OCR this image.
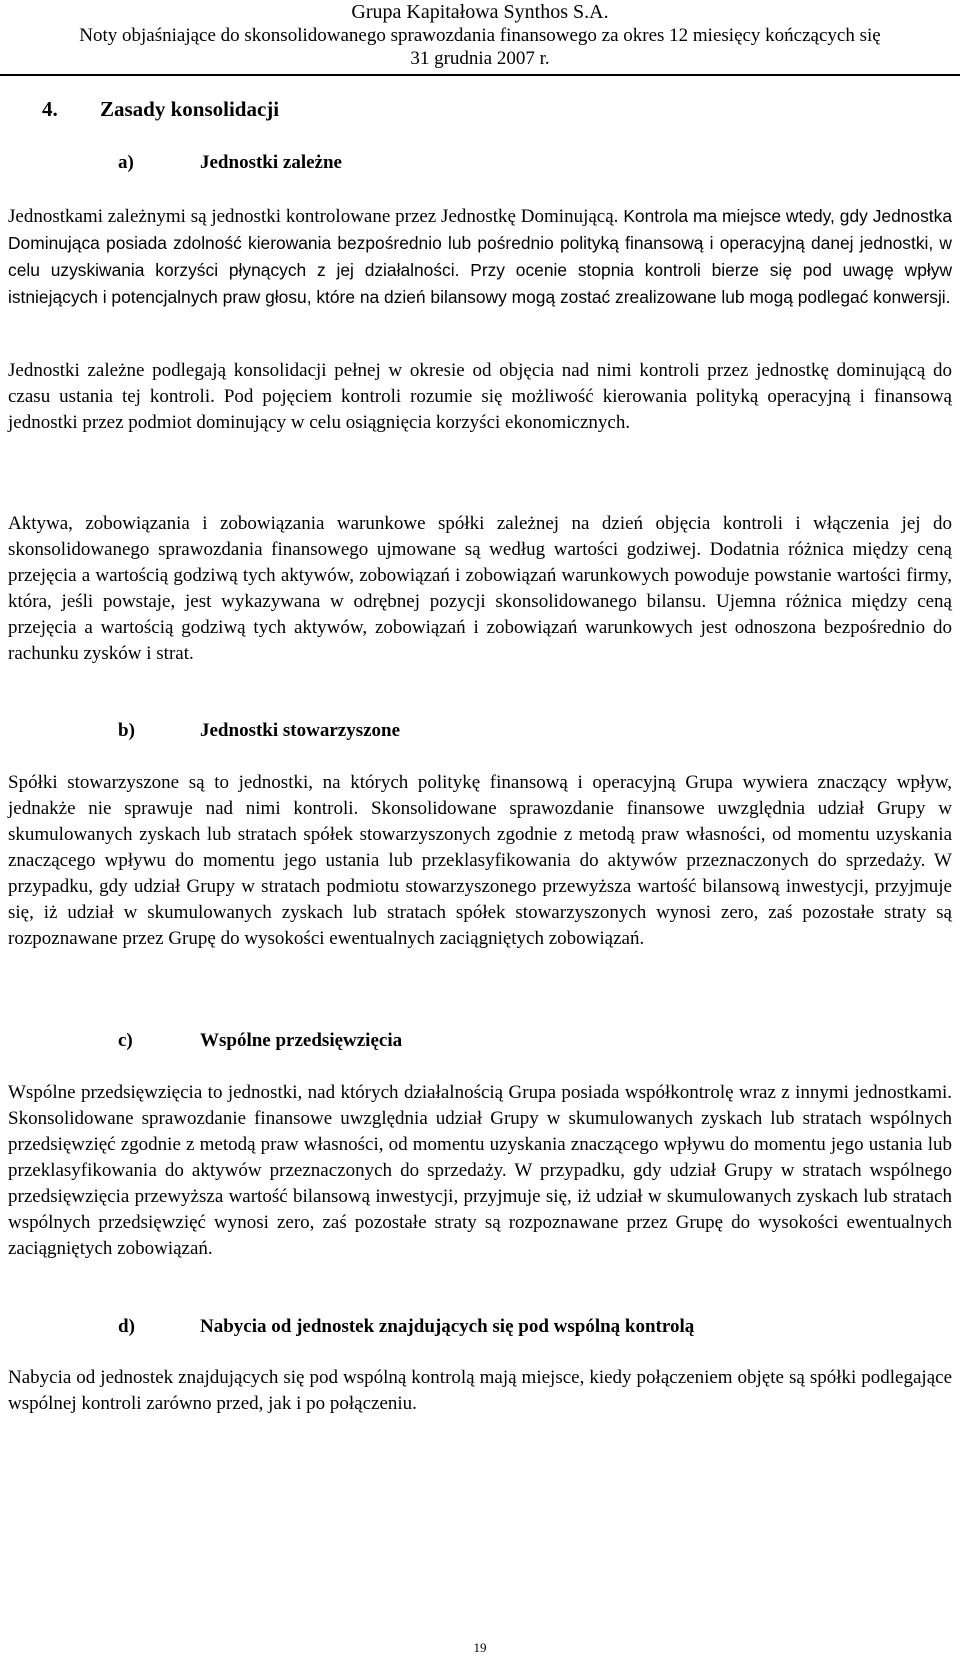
Grupa Kapitałowa Synthos S.A.
Noty objaśniające do skonsolidowanego sprawozdania finansowego za okres 12 miesięcy kończących się
31 grudnia 2007 r.
4. Zasady konsolidacji
a)	Jednostki zależne

Jednostkami zależnymi są jednostki kontrolowane przez Jednostkę Dominującą. Kontrola ma miejsce wtedy, gdy Jednostka Dominująca posiada zdolność kierowania bezpośrednio lub pośrednio polityką finansową i operacyjną danej jednostki, w celu uzyskiwania korzyści płynących z jej działalności. Przy ocenie stopnia kontroli bierze się pod uwagę wpływ istniejących i potencjalnych praw głosu, które na dzień bilansowy mogą zostać zrealizowane lub mogą podlegać konwersji.

Jednostki zależne podlegają konsolidacji pełnej w okresie od objęcia nad nimi kontroli przez jednostkę dominującą do czasu ustania tej kontroli. Pod pojęciem kontroli rozumie się możliwość kierowania polityką operacyjną i finansową jednostki przez podmiot dominujący w celu osiągnięcia korzyści ekonomicznych.

Aktywa, zobowiązania i zobowiązania warunkowe spółki zależnej na dzień objęcia kontroli i włączenia jej do skonsolidowanego sprawozdania finansowego ujmowane są według wartości godziwej. Dodatnia różnica między ceną przejęcia a wartością godziwą tych aktywów, zobowiązań i zobowiązań warunkowych powoduje powstanie wartości firmy, która, jeśli powstaje, jest wykazywana w odrębnej pozycji skonsolidowanego bilansu. Ujemna różnica między ceną przejęcia a wartością godziwą tych aktywów, zobowiązań i zobowiązań warunkowych jest odnoszona bezpośrednio do rachunku zysków i strat.

b)	Jednostki stowarzyszone

Spółki stowarzyszone są to jednostki, na których politykę finansową i operacyjną Grupa wywiera znaczący wpływ, jednakże nie sprawuje nad nimi kontroli. Skonsolidowane sprawozdanie finansowe uwzględnia udział Grupy w skumulowanych zyskach lub stratach spółek stowarzyszonych zgodnie z metodą praw własności, od momentu uzyskania znaczącego wpływu do momentu jego ustania lub przeklasyfikowania do aktywów przeznaczonych do sprzedaży. W przypadku, gdy udział Grupy w stratach podmiotu stowarzyszonego przewyższa wartość bilansową inwestycji, przyjmuje się, iż udział w skumulowanych zyskach lub stratach spółek stowarzyszonych wynosi zero, zaś pozostałe straty są rozpoznawane przez Grupę do wysokości ewentualnych zaciągniętych zobowiązań.

c)	Wspólne przedsięwzięcia

Wspólne przedsięwzięcia to jednostki, nad których działalnością Grupa posiada współkontrolę wraz z innymi jednostkami. Skonsolidowane sprawozdanie finansowe uwzględnia udział Grupy w skumulowanych zyskach lub stratach wspólnych przedsięwzięć zgodnie z metodą praw własności, od momentu uzyskania znaczącego wpływu do momentu jego ustania lub przeklasyfikowania do aktywów przeznaczonych do sprzedaży. W przypadku, gdy udział Grupy w stratach wspólnego przedsięwzięcia przewyższa wartość bilansową inwestycji, przyjmuje się, iż udział w skumulowanych zyskach lub stratach wspólnych przedsięwzięć wynosi zero, zaś pozostałe straty są rozpoznawane przez Grupę do wysokości ewentualnych zaciągniętych zobowiązań.

d)	Nabycia od jednostek znajdujących się pod wspólną kontrolą

Nabycia od jednostek znajdujących się pod wspólną kontrolą mają miejsce, kiedy połączeniem objęte są spółki podlegające wspólnej kontroli zarówno przed, jak i po połączeniu.

19
